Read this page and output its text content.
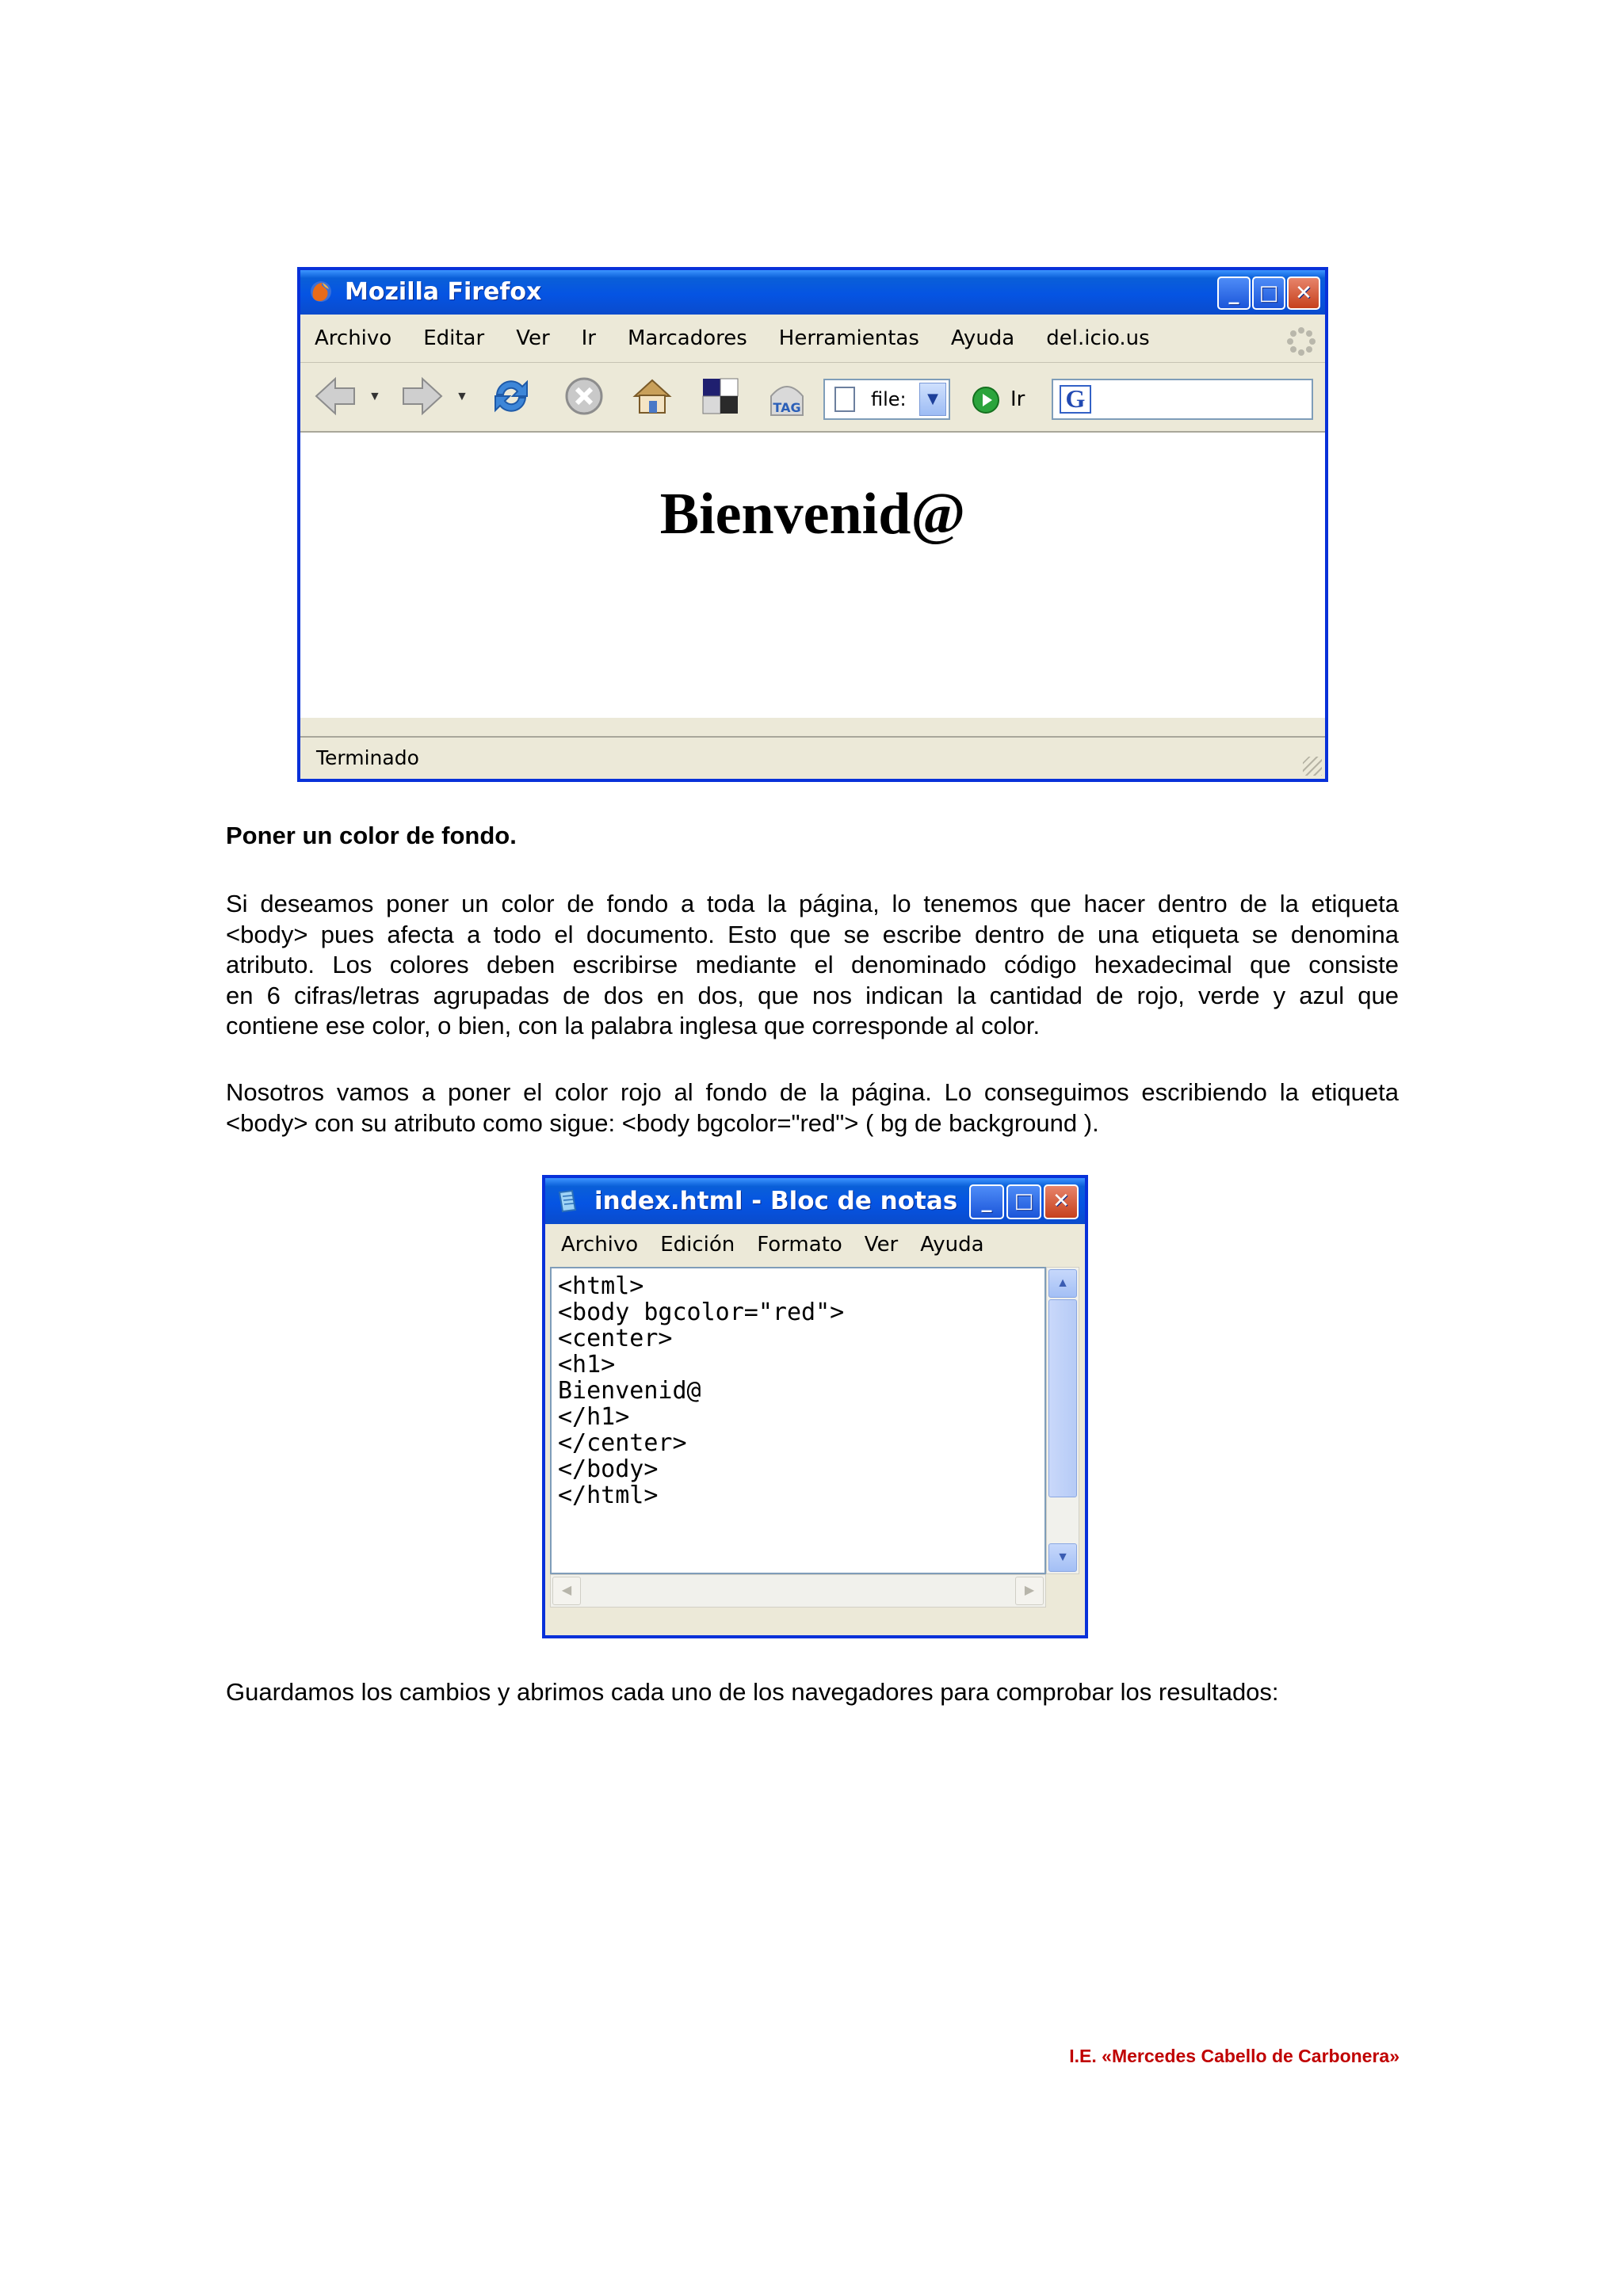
Mozilla Firefox	_ □ ✕
Archivo Editar Ver Ir Marcadores Herramientas Ayuda del.icio.us
▼	▼
TAG	file:	▼	Ir G
Bienvenid@
Terminado
Poner un color de fondo.
Si deseamos poner un color de fondo a toda la página, lo tenemos que hacer dentro de la etiqueta
<body> pues afecta a todo el documento. Esto que se escribe dentro de una etiqueta se denomina
atributo. Los colores deben escribirse mediante el denominado código hexadecimal que consiste
en 6 cifras/letras agrupadas de dos en dos, que nos indican la cantidad de rojo, verde y azul que
contiene ese color, o bien, con la palabra inglesa que corresponde al color.
Nosotros vamos a poner el color rojo al fondo de la página. Lo conseguimos escribiendo la etiqueta
<body> con su atributo como sigue: <body bgcolor="red"> ( bg de background ).
index.html - Bloc de notas	_	□ ✕
Archivo Edición Formato Ver Ayuda
<html>
<body bgcolor="red">
<center>
<h1>
Bienvenid@
</h1>
</center>
</body>
</html>
▲
▼
◀	▶
Guardamos los cambios y abrimos cada uno de los navegadores para comprobar los resultados:
I.E. «Mercedes Cabello de Carbonera»
